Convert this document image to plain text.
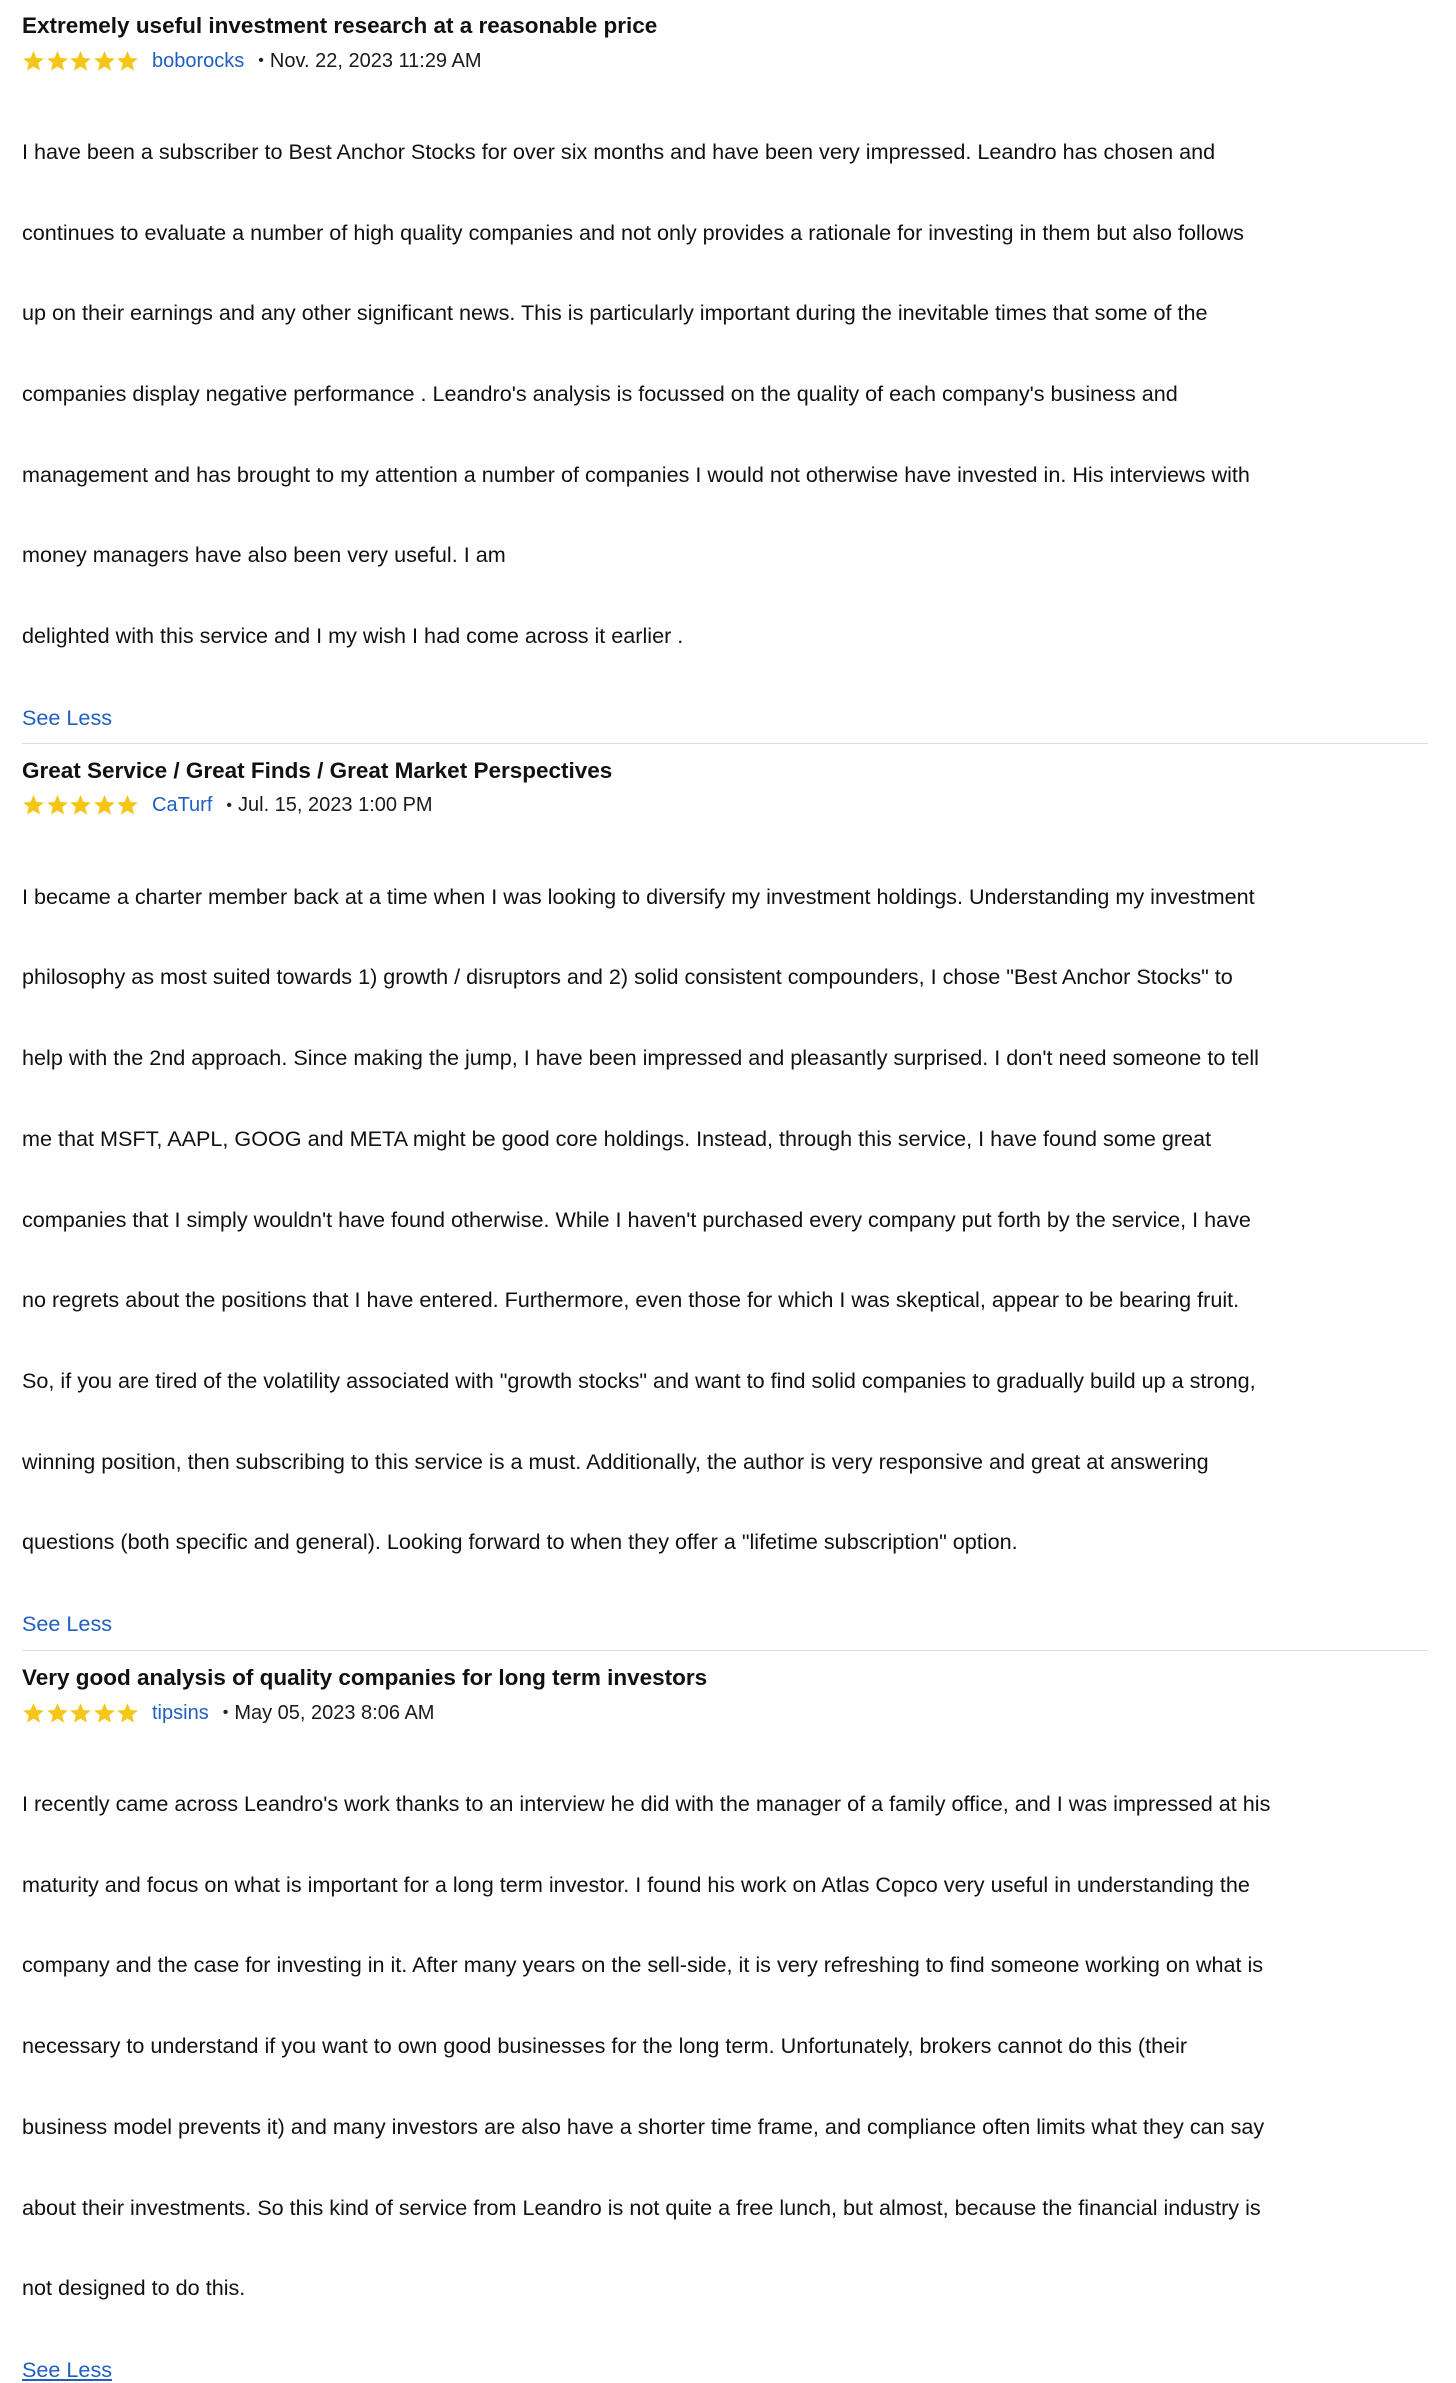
Extremely useful investment research at a reasonable price
boborocks • Nov. 22, 2023 11:29 AM

I have been a subscriber to Best Anchor Stocks for over six months and have been very impressed. Leandro has chosen and

continues to evaluate a number of high quality companies and not only provides a rationale for investing in them but also follows

up on their earnings and any other significant news. This is particularly important during the inevitable times that some of the

companies display negative performance . Leandro's analysis is focussed on the quality of each company's business and

management and has brought to my attention a number of companies I would not otherwise have invested in. His interviews with

money managers have also been very useful. I am

delighted with this service and I my wish I had come across it earlier .

See Less
Great Service / Great Finds / Great Market Perspectives
CaTurf • Jul. 15, 2023 1:00 PM

I became a charter member back at a time when I was looking to diversify my investment holdings. Understanding my investment

philosophy as most suited towards 1) growth / disruptors and 2) solid consistent compounders, I chose "Best Anchor Stocks" to

help with the 2nd approach. Since making the jump, I have been impressed and pleasantly surprised. I don't need someone to tell

me that MSFT, AAPL, GOOG and META might be good core holdings. Instead, through this service, I have found some great

companies that I simply wouldn't have found otherwise. While I haven't purchased every company put forth by the service, I have

no regrets about the positions that I have entered. Furthermore, even those for which I was skeptical, appear to be bearing fruit.

So, if you are tired of the volatility associated with "growth stocks" and want to find solid companies to gradually build up a strong,

winning position, then subscribing to this service is a must. Additionally, the author is very responsive and great at answering

questions (both specific and general). Looking forward to when they offer a "lifetime subscription" option.

See Less
Very good analysis of quality companies for long term investors
tipsins • May 05, 2023 8:06 AM

I recently came across Leandro's work thanks to an interview he did with the manager of a family office, and I was impressed at his

maturity and focus on what is important for a long term investor. I found his work on Atlas Copco very useful in understanding the

company and the case for investing in it. After many years on the sell-side, it is very refreshing to find someone working on what is

necessary to understand if you want to own good businesses for the long term. Unfortunately, brokers cannot do this (their

business model prevents it) and many investors are also have a shorter time frame, and compliance often limits what they can say

about their investments. So this kind of service from Leandro is not quite a free lunch, but almost, because the financial industry is

not designed to do this.

See Less
